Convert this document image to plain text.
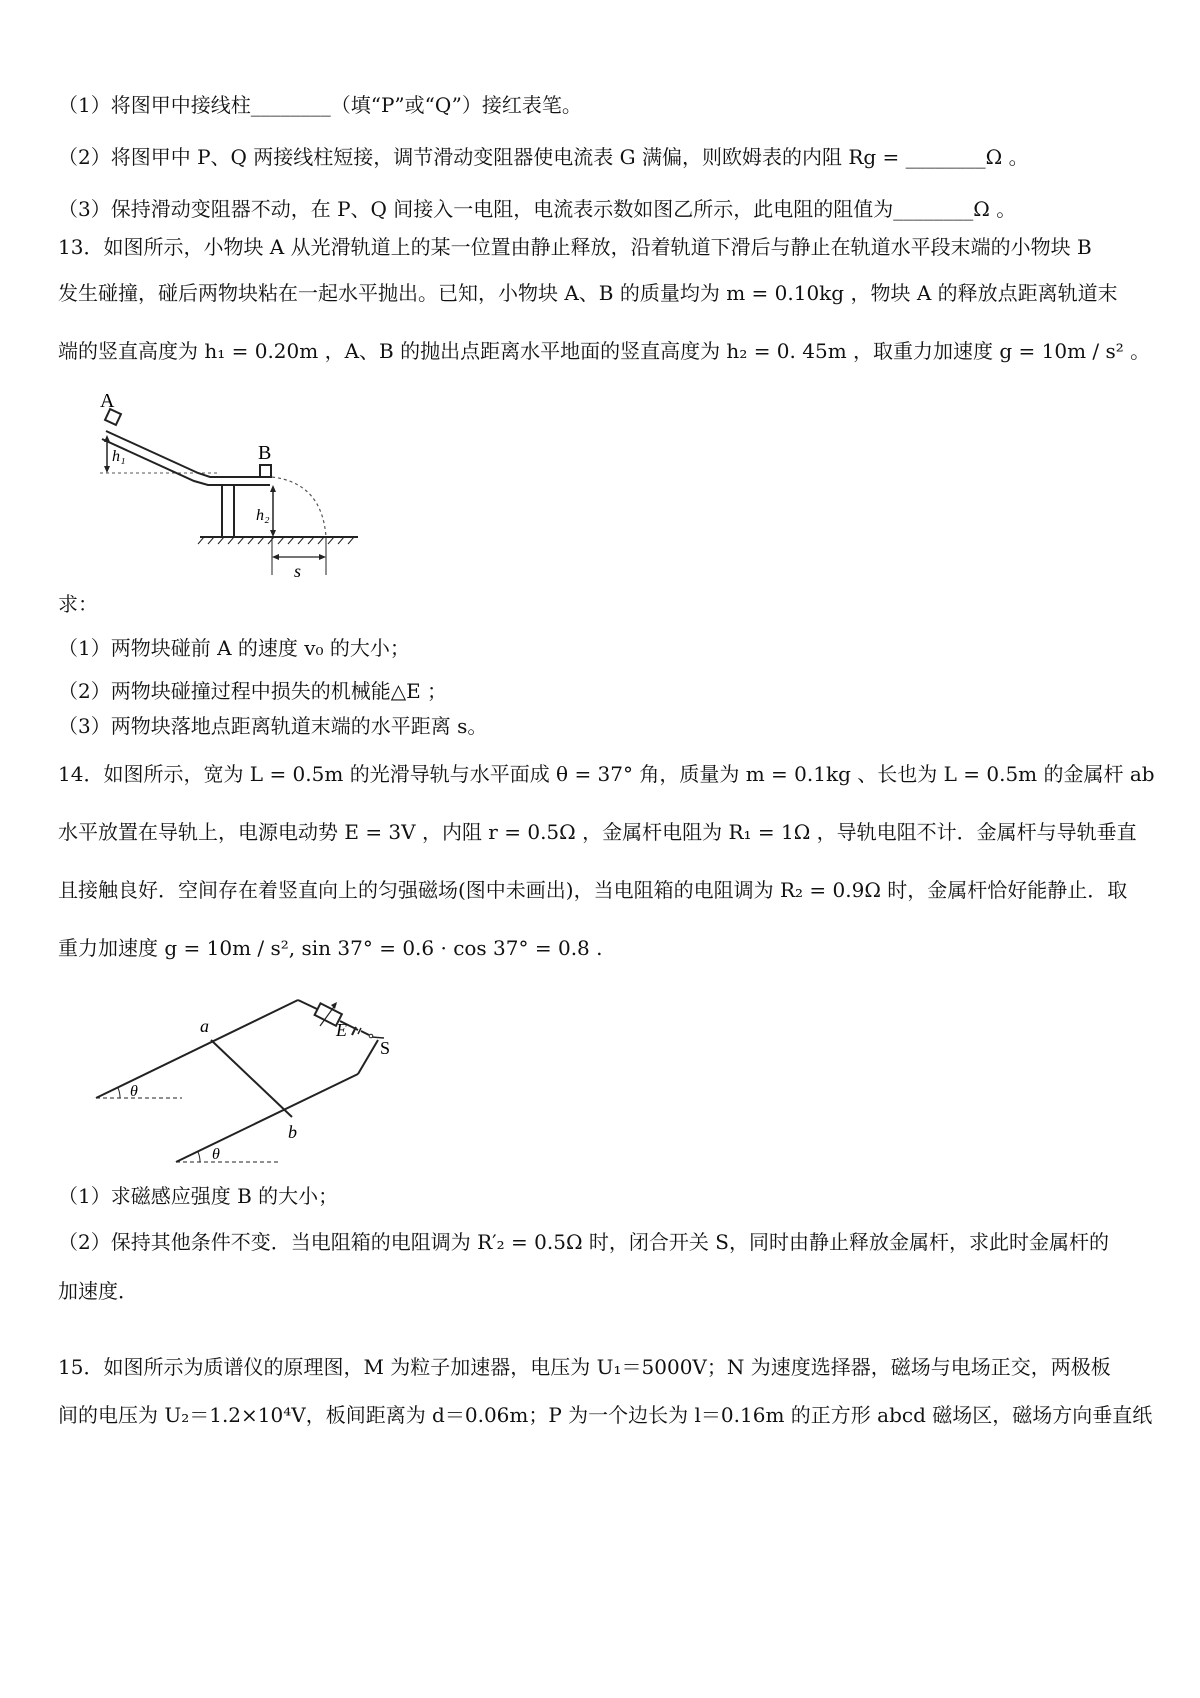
（1）将图甲中接线柱________（填“P”或“Q”）接红表笔。
（2）将图甲中 P、Q 两接线柱短接，调节滑动变阻器使电流表 G 满偏，则欧姆表的内阻 Rg = ________Ω 。
（3）保持滑动变阻器不动，在 P、Q 间接入一电阻，电流表示数如图乙所示，此电阻的阻值为________Ω 。
13．如图所示，小物块 A 从光滑轨道上的某一位置由静止释放，沿着轨道下滑后与静止在轨道水平段末端的小物块 B
发生碰撞，碰后两物块粘在一起水平抛出。已知，小物块 A、B 的质量均为 m = 0.10kg ，物块 A 的释放点距离轨道末
端的竖直高度为 h₁ = 0.20m ，A、B 的抛出点距离水平地面的竖直高度为 h₂ = 0. 45m ，取重力加速度 g = 10m / s² 。
A
B
h₁
h₂
s
求：
（1）两物块碰前 A 的速度 v₀ 的大小；
（2）两物块碰撞过程中损失的机械能△E ；
（3）两物块落地点距离轨道末端的水平距离 s。
14．如图所示，宽为 L = 0.5m 的光滑导轨与水平面成 θ = 37° 角，质量为 m = 0.1kg 、长也为 L = 0.5m 的金属杆 ab
水平放置在导轨上，电源电动势 E = 3V ，内阻 r = 0.5Ω ，金属杆电阻为 R₁ = 1Ω ，导轨电阻不计．金属杆与导轨垂直
且接触良好．空间存在着竖直向上的匀强磁场(图中未画出)，当电阻箱的电阻调为 R₂ = 0.9Ω 时，金属杆恰好能静止．取
重力加速度 g = 10m / s², sin 37° = 0.6 · cos 37° = 0.8 .
a
b
θ
θ
E
S
（1）求磁感应强度 B 的大小；
（2）保持其他条件不变．当电阻箱的电阻调为 R′₂ = 0.5Ω 时，闭合开关 S，同时由静止释放金属杆，求此时金属杆的
加速度．
15．如图所示为质谱仪的原理图，M 为粒子加速器，电压为 U₁＝5000V；N 为速度选择器，磁场与电场正交，两极板
间的电压为 U₂＝1.2×10⁴V，板间距离为 d＝0.06m；P 为一个边长为 l＝0.16m 的正方形 abcd 磁场区，磁场方向垂直纸
